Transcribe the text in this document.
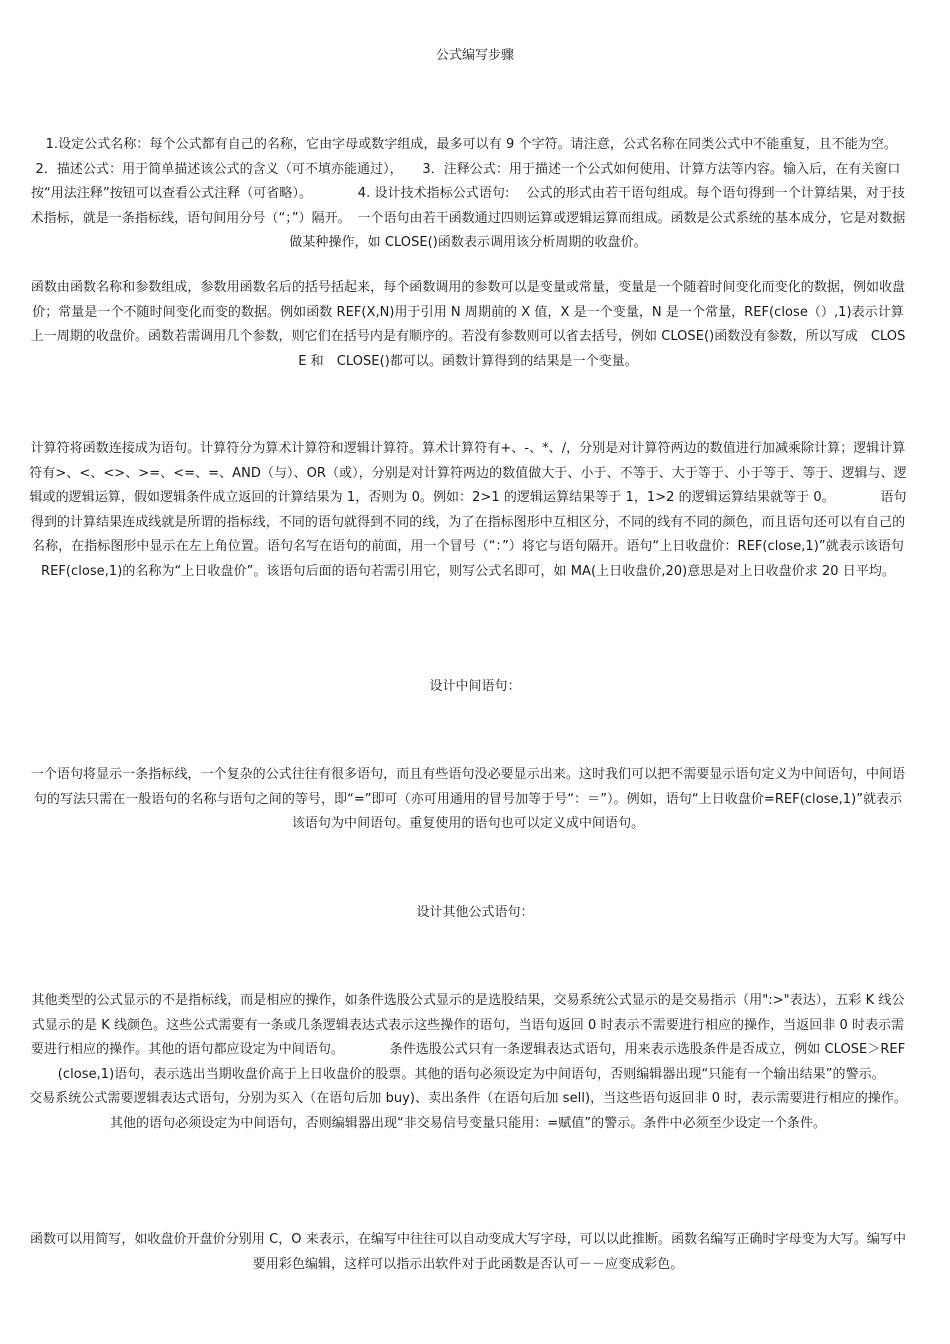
公式编写步骤

1.设定公式名称：每个公式都有自己的名称，它由字母或数字组成，最多可以有 9 个字符。请注意，公式名称在同类公式中不能重复，且不能为空。　　　　2．描述公式：用于简单描述该公式的含义（可不填亦能通过），　　3．注释公式：用于描述一个公式如何使用、计算方法等内容。输入后，在有关窗口按“用法注释”按钮可以查看公式注释（可省略）。　　　　4. 设计技术指标公式语句:　 公式的形式由若干语句组成。每个语句得到一个计算结果，对于技术指标，就是一条指标线，语句间用分号（“；”）隔开。　一个语句由若干函数通过四则运算或逻辑运算而组成。函数是公式系统的基本成分，它是对数据做某种操作，如 CLOSE()函数表示调用该分析周期的收盘价。

函数由函数名称和参数组成，参数用函数名后的括号括起来，每个函数调用的参数可以是变量或常量，变量是一个随着时间变化而变化的数据，例如收盘价；常量是一个不随时间变化而变的数据。例如函数 REF(X,N)用于引用 N 周期前的 X 值，X 是一个变量，N 是一个常量，REF(close（）,1)表示计算上一周期的收盘价。函数若需调用几个参数，则它们在括号内是有顺序的。若没有参数则可以省去括号，例如 CLOSE()函数没有参数，所以写成　CLOSE 和　CLOSE()都可以。函数计算得到的结果是一个变量。

计算符将函数连接成为语句。计算符分为算术计算符和逻辑计算符。算术计算符有+、-、*、/，分别是对计算符两边的数值进行加减乘除计算；逻辑计算符有>、<、<>、>=、<=、=、AND（与）、OR（或），分别是对计算符两边的数值做大于、小于、不等于、大于等于、小于等于、等于、逻辑与、逻辑或的逻辑运算，假如逻辑条件成立返回的计算结果为 1，否则为 0。例如：2>1 的逻辑运算结果等于 1，1>2 的逻辑运算结果就等于 0。　　　　语句得到的计算结果连成线就是所谓的指标线，不同的语句就得到不同的线，为了在指标图形中互相区分，不同的线有不同的颜色，而且语句还可以有自己的名称，在指标图形中显示在左上角位置。语句名写在语句的前面，用一个冒号（“：”）将它与语句隔开。语句“上日收盘价：REF(close,1)”就表示该语句 REF(close,1)的名称为“上日收盘价”。该语句后面的语句若需引用它，则写公式名即可，如 MA(上日收盘价,20)意思是对上日收盘价求 20 日平均。

设计中间语句：

一个语句将显示一条指标线，一个复杂的公式往往有很多语句，而且有些语句没必要显示出来。这时我们可以把不需要显示语句定义为中间语句，中间语句的写法只需在一般语句的名称与语句之间的等号，即“=”即可（亦可用通用的冒号加等于号“：＝”）。例如，语句“上日收盘价=REF(close,1)”就表示该语句为中间语句。重复使用的语句也可以定义成中间语句。

设计其他公式语句：

其他类型的公式显示的不是指标线，而是相应的操作，如条件选股公式显示的是选股结果，交易系统公式显示的是交易指示（用":>"表达），五彩 K 线公式显示的是 K 线颜色。这些公式需要有一条或几条逻辑表达式表示这些操作的语句，当语句返回 0 时表示不需要进行相应的操作，当返回非 0 时表示需要进行相应的操作。其他的语句都应设定为中间语句。　　　　条件选股公式只有一条逻辑表达式语句，用来表示选股条件是否成立，例如 CLOSE＞REF(close,1)语句，表示选出当期收盘价高于上日收盘价的股票。其他的语句必须设定为中间语句，否则编辑器出现“只能有一个输出结果”的警示。　　　　交易系统公式需要逻辑表达式语句，分别为买入（在语句后加 buy)、卖出条件（在语句后加 sell)，当这些语句返回非 0 时，表示需要进行相应的操作。其他的语句必须设定为中间语句，否则编辑器出现“非交易信号变量只能用：=赋值”的警示。条件中必须至少设定一个条件。

函数可以用简写，如收盘价开盘价分别用 C，O 来表示，在编写中往往可以自动变成大写字母，可以以此推断。函数名编写正确时字母变为大写。编写中要用彩色编辑，这样可以指示出软件对于此函数是否认可－－应变成彩色。
